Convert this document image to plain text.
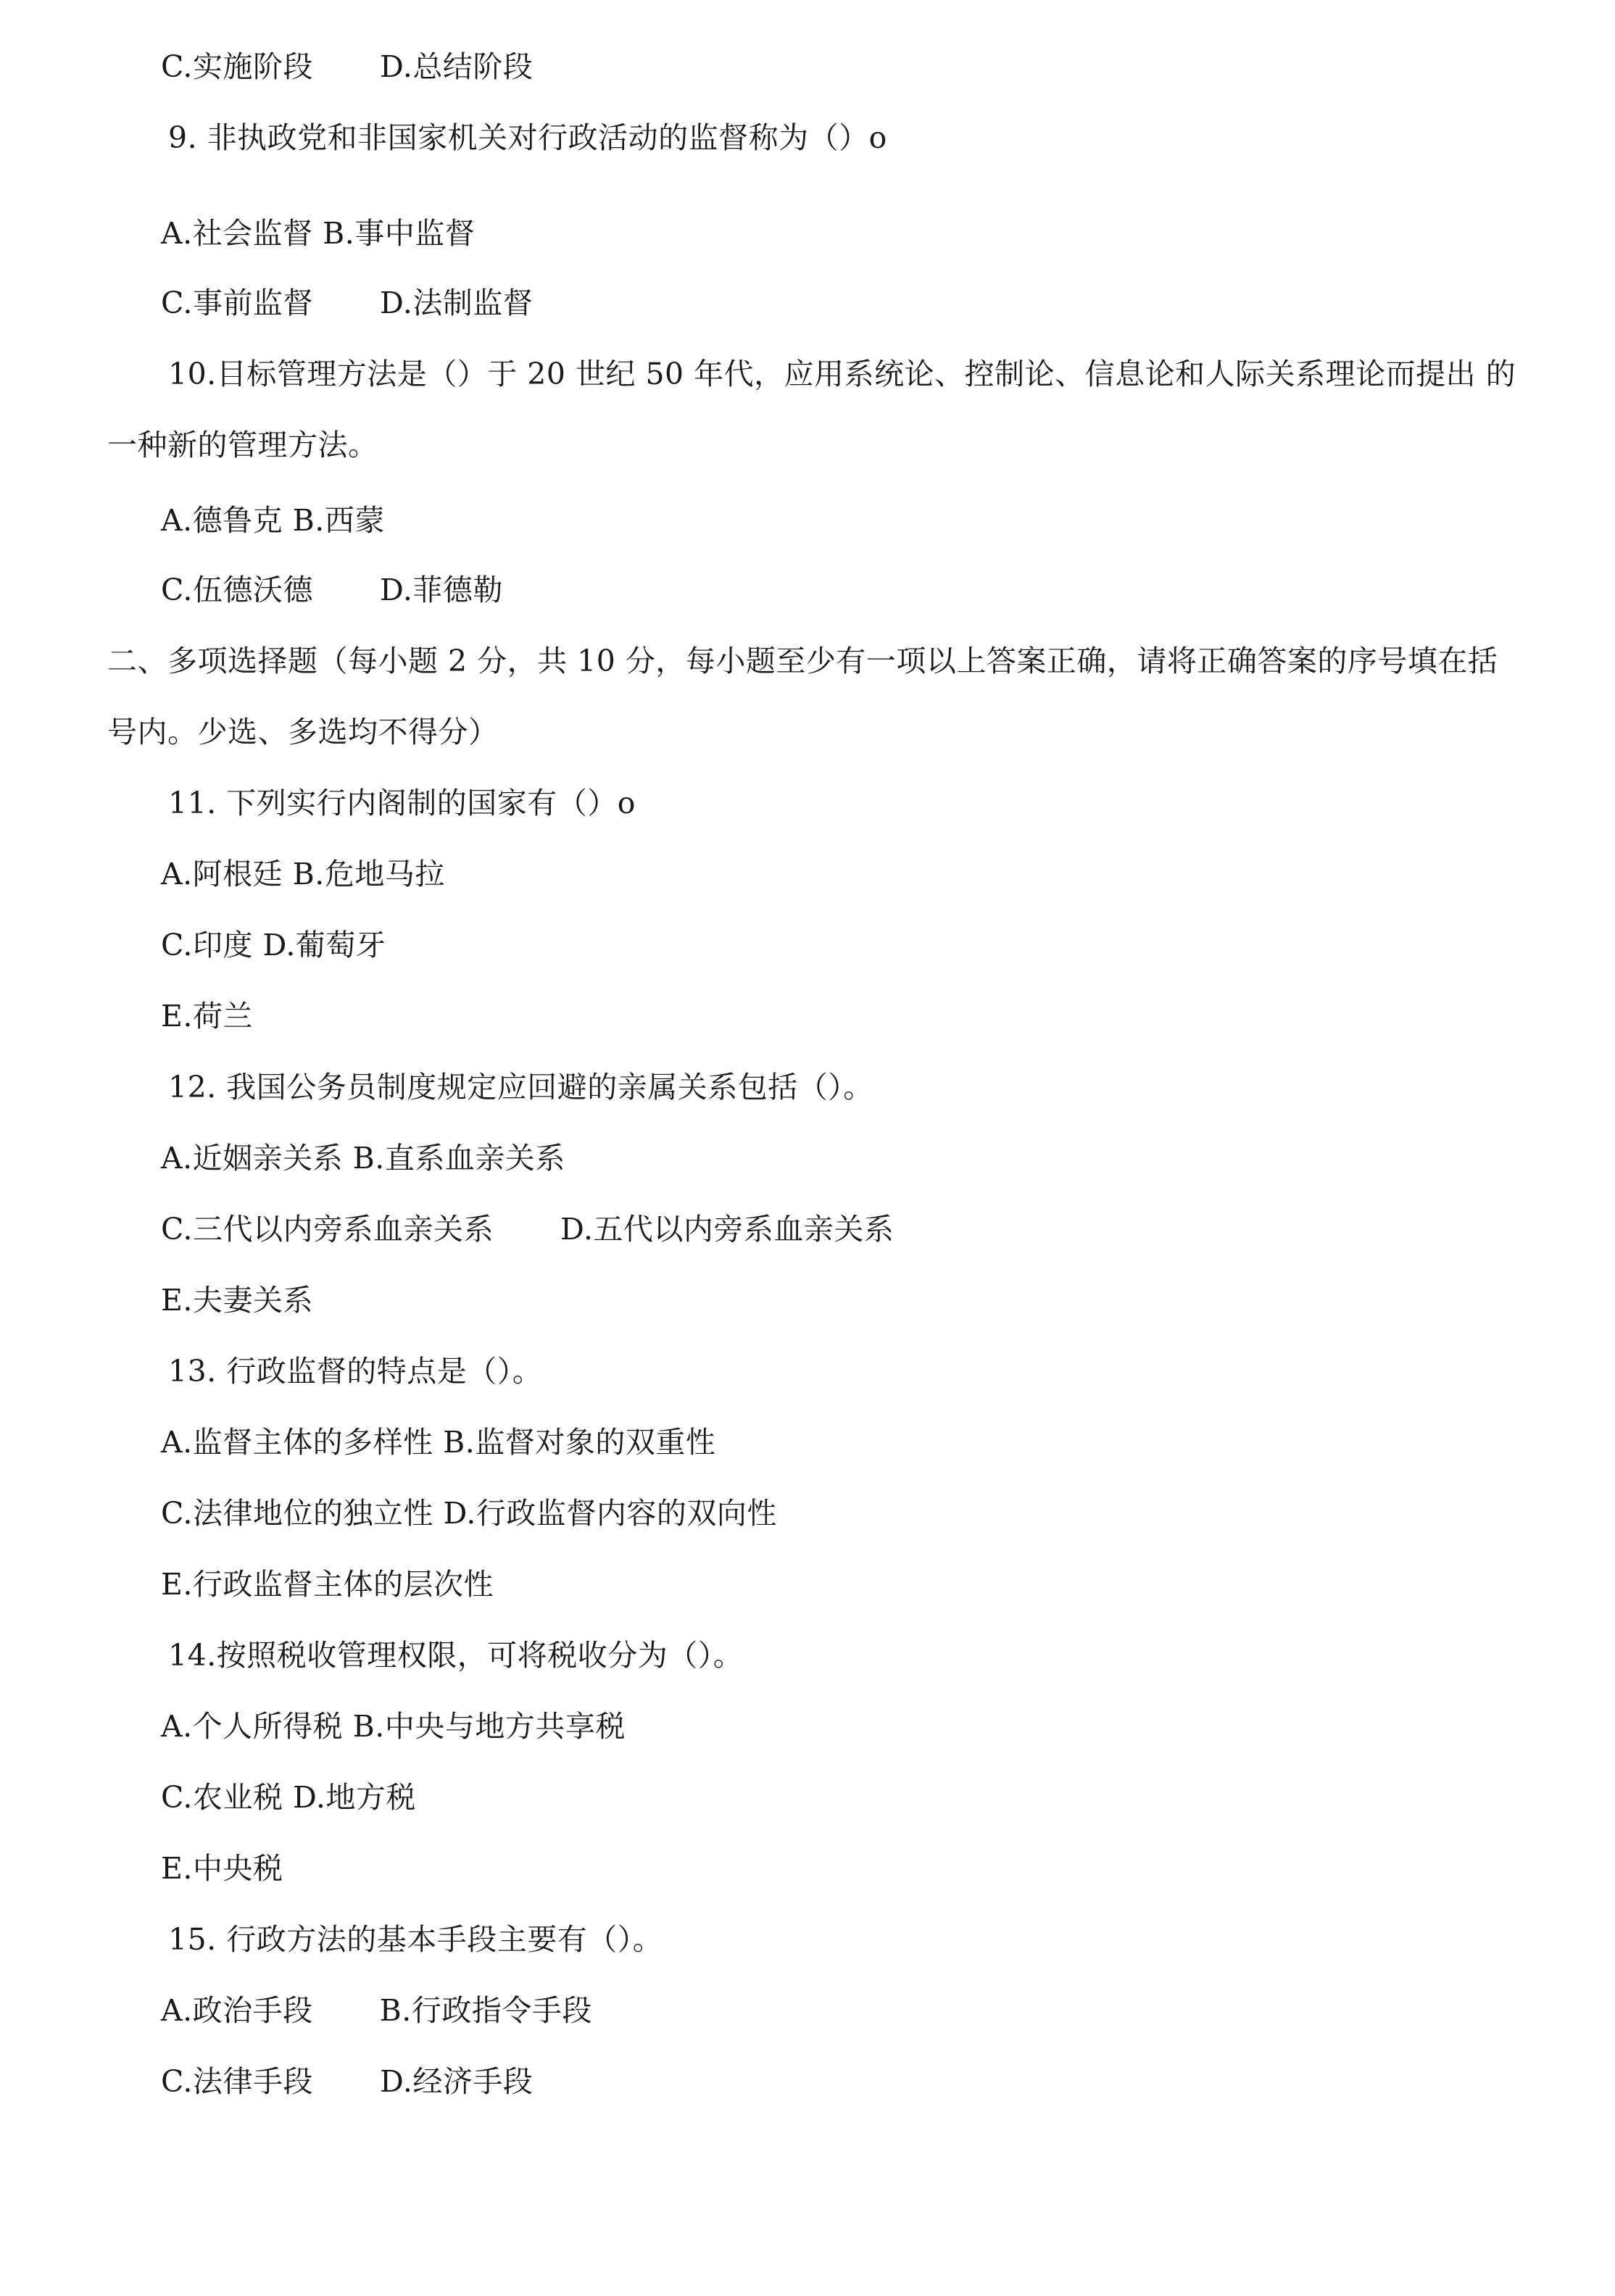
C.实施阶段 D.总结阶段
9. 非执政党和非国家机关对行政活动的监督称为（）o
A.社会监督 B.事中监督
C.事前监督 D.法制监督
10.目标管理方法是（）于 20 世纪 50 年代，应用系统论、控制论、信息论和人际关系理论而提出 的
一种新的管理方法。
A.德鲁克 B.西蒙
C.伍德沃德 D.菲德勒
二、多项选择题（每小题 2 分，共 10 分，每小题至少有一项以上答案正确，请将正确答案的序号填在括
号内。少选、多选均不得分）
11. 下列实行内阁制的国家有（）o
A.阿根廷 B.危地马拉
C.印度 D.葡萄牙
E.荷兰
12. 我国公务员制度规定应回避的亲属关系包括（）。
A.近姻亲关系 B.直系血亲关系
C.三代以内旁系血亲关系 D.五代以内旁系血亲关系
E.夫妻关系
13. 行政监督的特点是（）。
A.监督主体的多样性 B.监督对象的双重性
C.法律地位的独立性 D.行政监督内容的双向性
E.行政监督主体的层次性
14.按照税收管理权限，可将税收分为（）。
A.个人所得税 B.中央与地方共享税
C.农业税 D.地方税
E.中央税
15. 行政方法的基本手段主要有（）。
A.政治手段 B.行政指令手段
C.法律手段 D.经济手段
